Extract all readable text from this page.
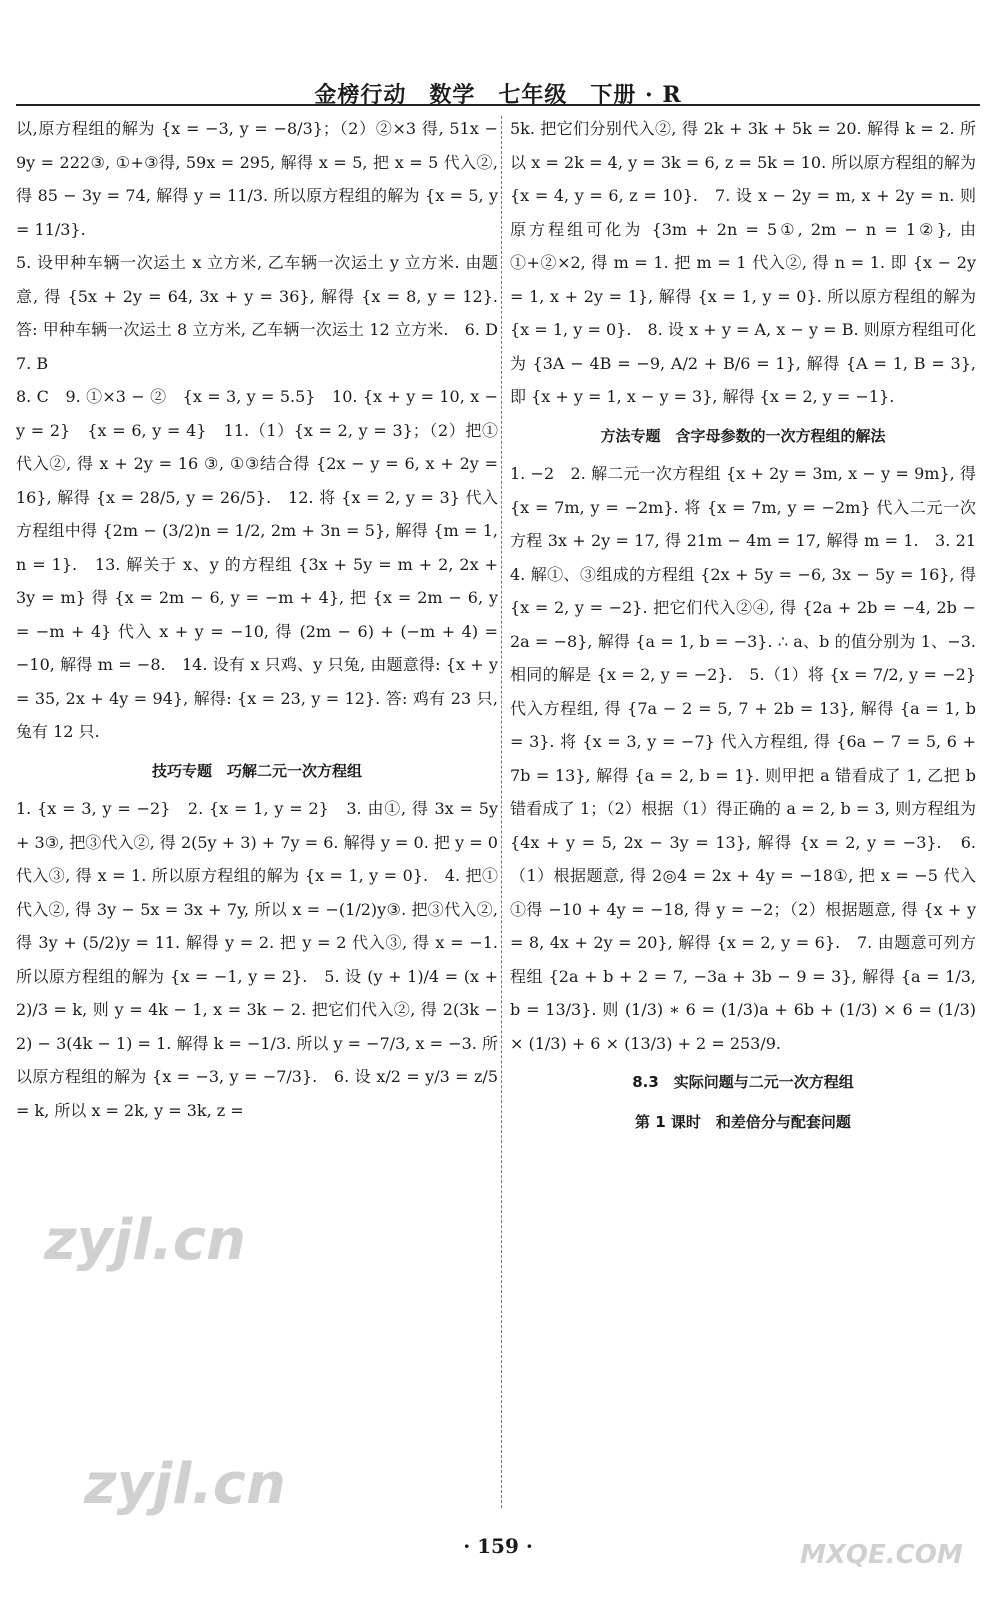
金榜行动　数学　七年级　下册 · R

以,原方程组的解为 {x = −3, y = −8/3}；（2）②×3 得, 51x − 9y = 222③, ①+③得, 59x = 295, 解得 x = 5, 把 x = 5 代入②, 得 85 − 3y = 74, 解得 y = 11/3. 所以原方程组的解为 {x = 5, y = 11/3}.

5. 设甲种车辆一次运土 x 立方米, 乙车辆一次运土 y 立方米. 由题意, 得 {5x + 2y = 64, 3x + y = 36}, 解得 {x = 8, y = 12}. 答: 甲种车辆一次运土 8 立方米, 乙车辆一次运土 12 立方米.　6. D　7. B

8. C　9. ①×3 − ②　{x = 3, y = 5.5}　10. {x + y = 10, x − y = 2}　{x = 6, y = 4}　11.（1）{x = 2, y = 3}；（2）把①代入②, 得 x + 2y = 16 ③, ①③结合得 {2x − y = 6, x + 2y = 16}, 解得 {x = 28/5, y = 26/5}.　12. 将 {x = 2, y = 3} 代入方程组中得 {2m − (3/2)n = 1/2, 2m + 3n = 5}, 解得 {m = 1, n = 1}.　13. 解关于 x、y 的方程组 {3x + 5y = m + 2, 2x + 3y = m} 得 {x = 2m − 6, y = −m + 4}, 把 {x = 2m − 6, y = −m + 4} 代入 x + y = −10, 得 (2m − 6) + (−m + 4) = −10, 解得 m = −8.　14. 设有 x 只鸡、y 只兔, 由题意得: {x + y = 35, 2x + 4y = 94}, 解得: {x = 23, y = 12}. 答: 鸡有 23 只, 兔有 12 只.

技巧专题　巧解二元一次方程组

1. {x = 3, y = −2}　2. {x = 1, y = 2}　3. 由①, 得 3x = 5y + 3③, 把③代入②, 得 2(5y + 3) + 7y = 6. 解得 y = 0. 把 y = 0 代入③, 得 x = 1. 所以原方程组的解为 {x = 1, y = 0}.　4. 把①代入②, 得 3y − 5x = 3x + 7y, 所以 x = −(1/2)y③. 把③代入②, 得 3y + (5/2)y = 11. 解得 y = 2. 把 y = 2 代入③, 得 x = −1. 所以原方程组的解为 {x = −1, y = 2}.　5. 设 (y + 1)/4 = (x + 2)/3 = k, 则 y = 4k − 1, x = 3k − 2. 把它们代入②, 得 2(3k − 2) − 3(4k − 1) = 1. 解得 k = −1/3. 所以 y = −7/3, x = −3. 所以原方程组的解为 {x = −3, y = −7/3}.　6. 设 x/2 = y/3 = z/5 = k, 所以 x = 2k, y = 3k, z =

5k. 把它们分别代入②, 得 2k + 3k + 5k = 20. 解得 k = 2. 所以 x = 2k = 4, y = 3k = 6, z = 5k = 10. 所以原方程组的解为 {x = 4, y = 6, z = 10}.　7. 设 x − 2y = m, x + 2y = n. 则原方程组可化为 {3m + 2n = 5①, 2m − n = 1②}, 由①+②×2, 得 m = 1. 把 m = 1 代入②, 得 n = 1. 即 {x − 2y = 1, x + 2y = 1}, 解得 {x = 1, y = 0}. 所以原方程组的解为 {x = 1, y = 0}.　8. 设 x + y = A, x − y = B. 则原方程组可化为 {3A − 4B = −9, A/2 + B/6 = 1}, 解得 {A = 1, B = 3}, 即 {x + y = 1, x − y = 3}, 解得 {x = 2, y = −1}.

方法专题　含字母参数的一次方程组的解法

1. −2　2. 解二元一次方程组 {x + 2y = 3m, x − y = 9m}, 得 {x = 7m, y = −2m}. 将 {x = 7m, y = −2m} 代入二元一次方程 3x + 2y = 17, 得 21m − 4m = 17, 解得 m = 1.　3. 21　4. 解①、③组成的方程组 {2x + 5y = −6, 3x − 5y = 16}, 得 {x = 2, y = −2}. 把它们代入②④, 得 {2a + 2b = −4, 2b − 2a = −8}, 解得 {a = 1, b = −3}. ∴ a、b 的值分别为 1、−3. 相同的解是 {x = 2, y = −2}.　5.（1）将 {x = 7/2, y = −2} 代入方程组, 得 {7a − 2 = 5, 7 + 2b = 13}, 解得 {a = 1, b = 3}. 将 {x = 3, y = −7} 代入方程组, 得 {6a − 7 = 5, 6 + 7b = 13}, 解得 {a = 2, b = 1}. 则甲把 a 错看成了 1, 乙把 b 错看成了 1；（2）根据（1）得正确的 a = 2, b = 3, 则方程组为 {4x + y = 5, 2x − 3y = 13}, 解得 {x = 2, y = −3}.　6.（1）根据题意, 得 2◎4 = 2x + 4y = −18①, 把 x = −5 代入①得 −10 + 4y = −18, 得 y = −2；（2）根据题意, 得 {x + y = 8, 4x + 2y = 20}, 解得 {x = 2, y = 6}.　7. 由题意可列方程组 {2a + b + 2 = 7, −3a + 3b − 9 = 3}, 解得 {a = 1/3, b = 13/3}. 则 (1/3) ∗ 6 = (1/3)a + 6b + (1/3) × 6 = (1/3) × (1/3) + 6 × (13/3) + 2 = 253/9.

8.3　实际问题与二元一次方程组
第 1 课时　和差倍分与配套问题
· 159 ·
zyjl.cn
zyjl.cn
MXQE.COM
